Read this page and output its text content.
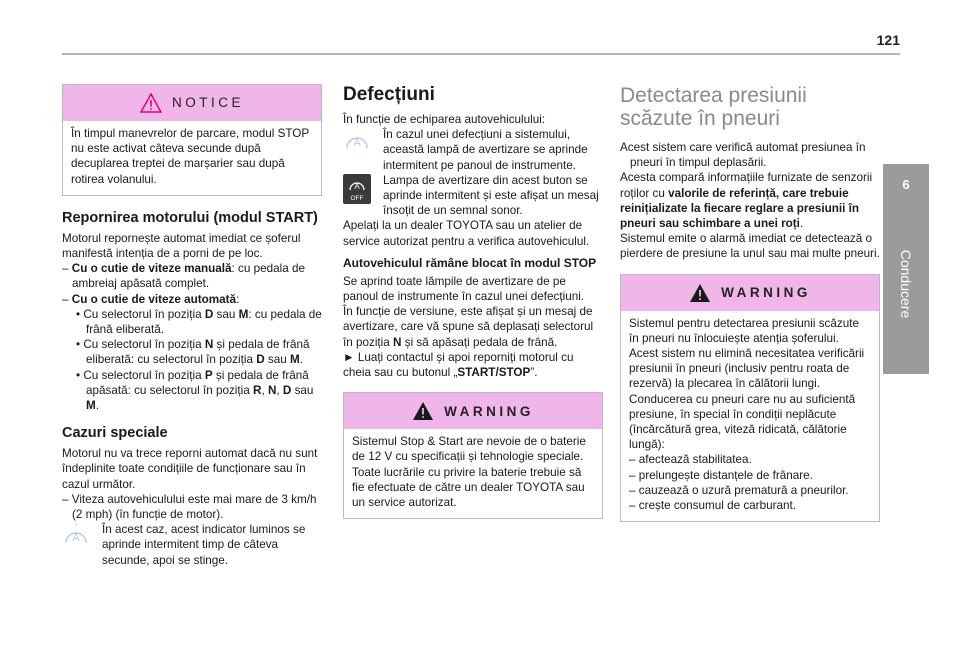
121
6
Conducere
NOTICE

În timpul manevrelor de parcare, modul STOP nu este activat câteva secunde după decuplarea treptei de marșarier sau după rotirea volanului.

Repornirea motorului (modul START)

Motorul repornește automat imediat ce șoferul manifestă intenția de a porni de pe loc.

– Cu o cutie de viteze manuală: cu pedala de ambreiaj apăsată complet.

– Cu o cutie de viteze automată:

• Cu selectorul în poziția D sau M: cu pedala de frână eliberată.

• Cu selectorul în poziția N și pedala de frână eliberată: cu selectorul în poziția D sau M.

• Cu selectorul în poziția P și pedala de frână apăsată: cu selectorul în poziția R, N, D sau M.

Cazuri speciale

Motorul nu va trece reporni automat dacă nu sunt îndeplinite toate condițiile de funcționare sau în cazul următor.

– Viteza autovehiculului este mai mare de 3 km/h (2 mph) (în funcție de motor).

A

În acest caz, acest indicator luminos se aprinde intermitent timp de câteva secunde, apoi se stinge.

Defecțiuni

În funcție de echiparea autovehiculului:

A

În cazul unei defecțiuni a sistemului, această lampă de avertizare se aprinde intermitent pe panoul de instrumente.

A
OFF

Lampa de avertizare din acest buton se aprinde intermitent și este afișat un mesaj însoțit de un semnal sonor.

Apelați la un dealer TOYOTA sau un atelier de service autorizat pentru a verifica autovehiculul.

Autovehiculul rămâne blocat în modul STOP

Se aprind toate lămpile de avertizare de pe panoul de instrumente în cazul unei defecțiuni.

În funcție de versiune, este afișat și un mesaj de avertizare, care vă spune să deplasați selectorul în poziția N și să apăsați pedala de frână.

► Luați contactul și apoi reporniți motorul cu cheia sau cu butonul „START/STOP”.

WARNING

Sistemul Stop & Start are nevoie de o baterie de 12 V cu specificații și tehnologie speciale. Toate lucrările cu privire la baterie trebuie să fie efectuate de către un dealer TOYOTA sau un service autorizat.

Detectarea presiunii scăzute în pneuri

Acest sistem care verifică automat presiunea în pneuri în timpul deplasării.

Acesta compară informațiile furnizate de senzorii roților cu valorile de referință, care trebuie reinițializate la fiecare reglare a presiunii în pneuri sau schimbare a unei roți.

Sistemul emite o alarmă imediat ce detectează o pierdere de presiune la unul sau mai multe pneuri.

WARNING

Sistemul pentru detectarea presiunii scăzute în pneuri nu înlocuiește atenția șoferului.

Acest sistem nu elimină necesitatea verificării presiunii în pneuri (inclusiv pentru roata de rezervă) la plecarea în călătorii lungi.

Conducerea cu pneuri care nu au suficientă presiune, în special în condiții neplăcute (încărcătură grea, viteză ridicată, călătorie lungă):

– afectează stabilitatea.

– prelungește distanțele de frânare.

– cauzează o uzură prematură a pneurilor.

– crește consumul de carburant.
